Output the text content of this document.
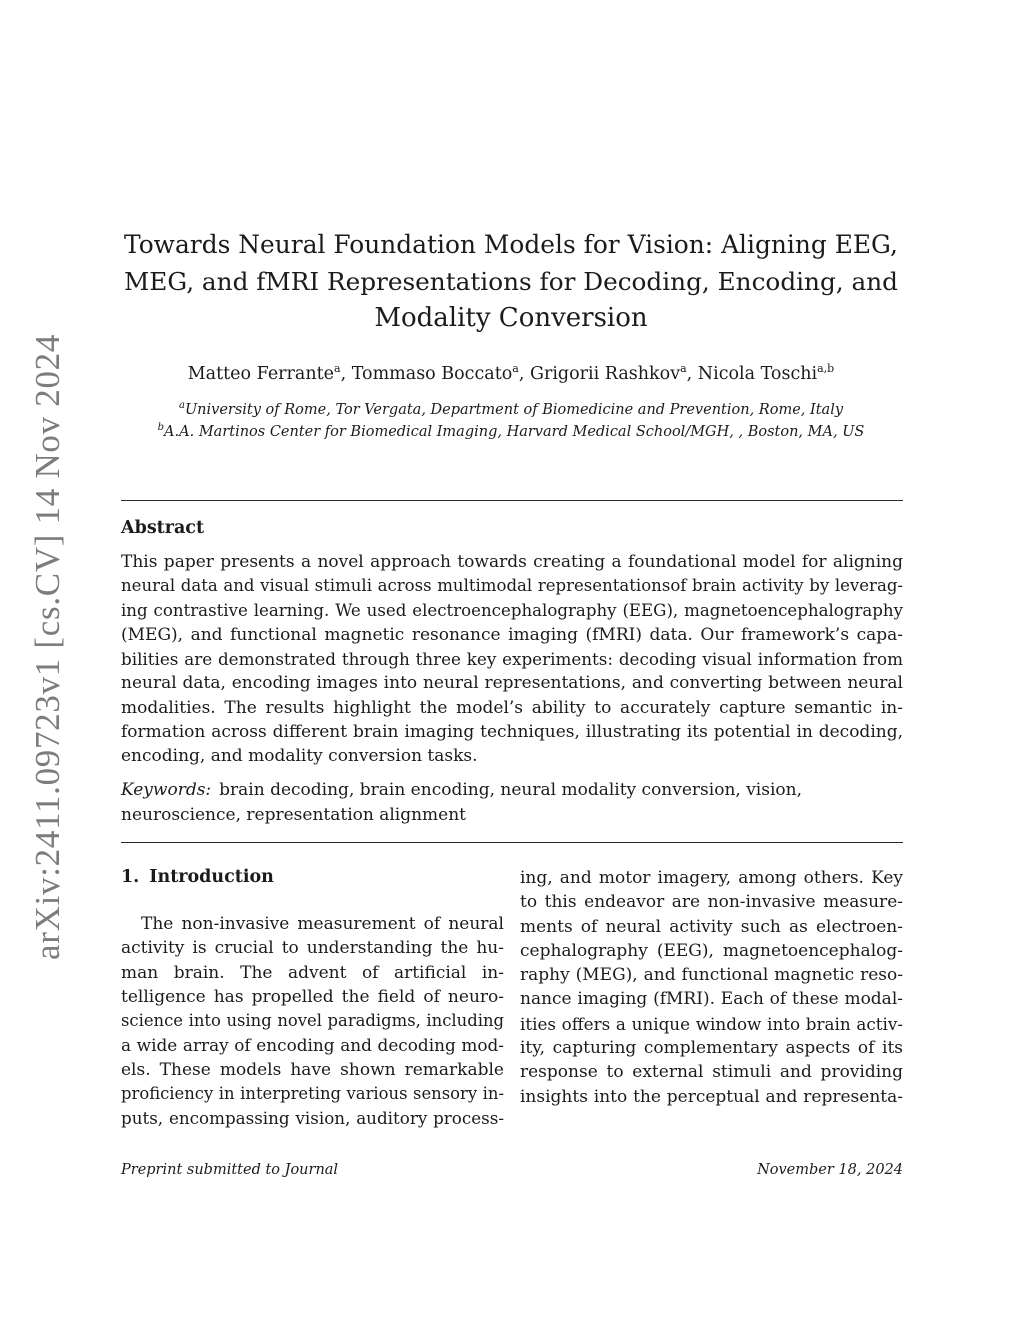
arXiv:2411.09723v1 [cs.CV] 14 Nov 2024
Towards Neural Foundation Models for Vision: Aligning EEG,
MEG, and fMRI Representations for Decoding, Encoding, and
Modality Conversion
Matteo Ferrante$^a$, Tommaso Boccato$^a$, Grigorii Rashkov$^a$, Nicola Toschi$^{a,b}$
$^a$University of Rome, Tor Vergata, Department of Biomedicine and Prevention, Rome, Italy
$^b$A.A. Martinos Center for Biomedical Imaging, Harvard Medical School/MGH, , Boston, MA, US
Abstract
This paper presents a novel approach towards creating a foundational model for aligning
neural data and visual stimuli across multimodal representationsof brain activity by leverag-
ing contrastive learning. We used electroencephalography (EEG), magnetoencephalography
(MEG), and functional magnetic resonance imaging (fMRI) data. Our framework’s capa-
bilities are demonstrated through three key experiments: decoding visual information from
neural data, encoding images into neural representations, and converting between neural
modalities. The results highlight the model’s ability to accurately capture semantic in-
formation across different brain imaging techniques, illustrating its potential in decoding,
encoding, and modality conversion tasks.
Keywords: brain decoding, brain encoding, neural modality conversion, vision,
neuroscience, representation alignment
1. Introduction
The non-invasive measurement of neural
activity is crucial to understanding the hu-
man brain. The advent of artificial in-
telligence has propelled the field of neuro-
science into using novel paradigms, including
a wide array of encoding and decoding mod-
els. These models have shown remarkable
proficiency in interpreting various sensory in-
puts, encompassing vision, auditory process-
ing, and motor imagery, among others. Key
to this endeavor are non-invasive measure-
ments of neural activity such as electroen-
cephalography (EEG), magnetoencephalog-
raphy (MEG), and functional magnetic reso-
nance imaging (fMRI). Each of these modal-
ities offers a unique window into brain activ-
ity, capturing complementary aspects of its
response to external stimuli and providing
insights into the perceptual and representa-
Preprint submitted to Journal	November 18, 2024
